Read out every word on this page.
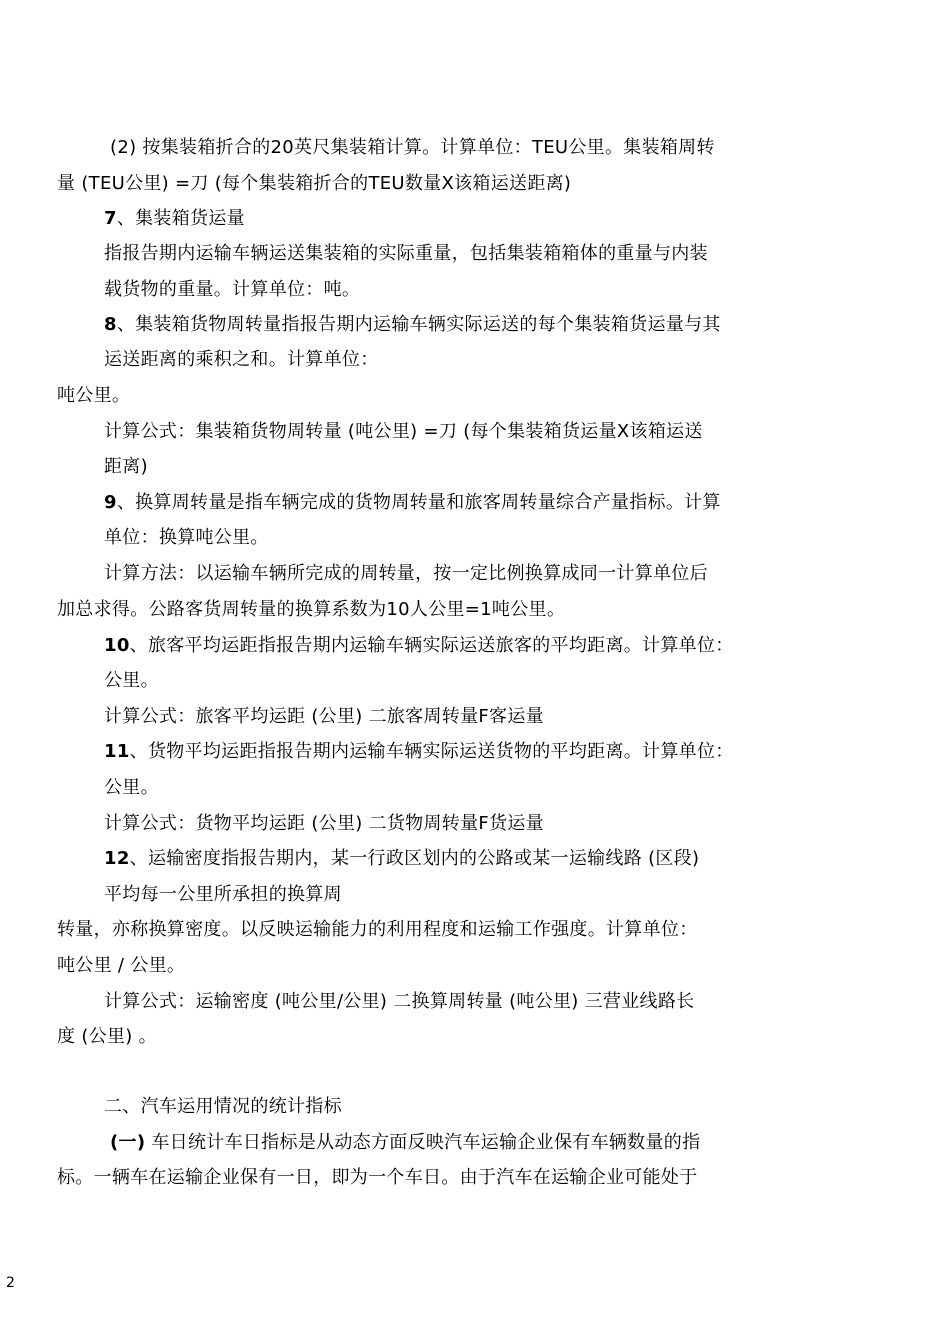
(2) 按集装箱折合的20英尺集装箱计算。计算单位：TEU公里。集装箱周转
量 (TEU公里) =刀 (每个集装箱折合的TEU数量X该箱运送距离)
7、集装箱货运量
指报告期内运输车辆运送集装箱的实际重量，包括集装箱箱体的重量与内装
载货物的重量。计算单位：吨。
8、集装箱货物周转量指报告期内运输车辆实际运送的每个集装箱货运量与其
运送距离的乘积之和。计算单位：
吨公里。
计算公式：集装箱货物周转量 (吨公里) =刀 (每个集装箱货运量X该箱运送
距离)
9、换算周转量是指车辆完成的货物周转量和旅客周转量综合产量指标。计算
单位：换算吨公里。
计算方法：以运输车辆所完成的周转量，按一定比例换算成同一计算单位后
加总求得。公路客货周转量的换算系数为10人公里=1吨公里。
10、旅客平均运距指报告期内运输车辆实际运送旅客的平均距离。计算单位：
公里。
计算公式：旅客平均运距 (公里) 二旅客周转量F客运量
11、货物平均运距指报告期内运输车辆实际运送货物的平均距离。计算单位：
公里。
计算公式：货物平均运距 (公里) 二货物周转量F货运量
12、运输密度指报告期内，某一行政区划内的公路或某一运输线路 (区段)
平均每一公里所承担的换算周
转量，亦称换算密度。以反映运输能力的利用程度和运输工作强度。计算单位：
吨公里 / 公里。
计算公式：运输密度 (吨公里/公里) 二换算周转量 (吨公里) 三营业线路长
度 (公里) 。
二、汽车运用情况的统计指标
(一) 车日统计车日指标是从动态方面反映汽车运输企业保有车辆数量的指
标。一辆车在运输企业保有一日，即为一个车日。由于汽车在运输企业可能处于
2
